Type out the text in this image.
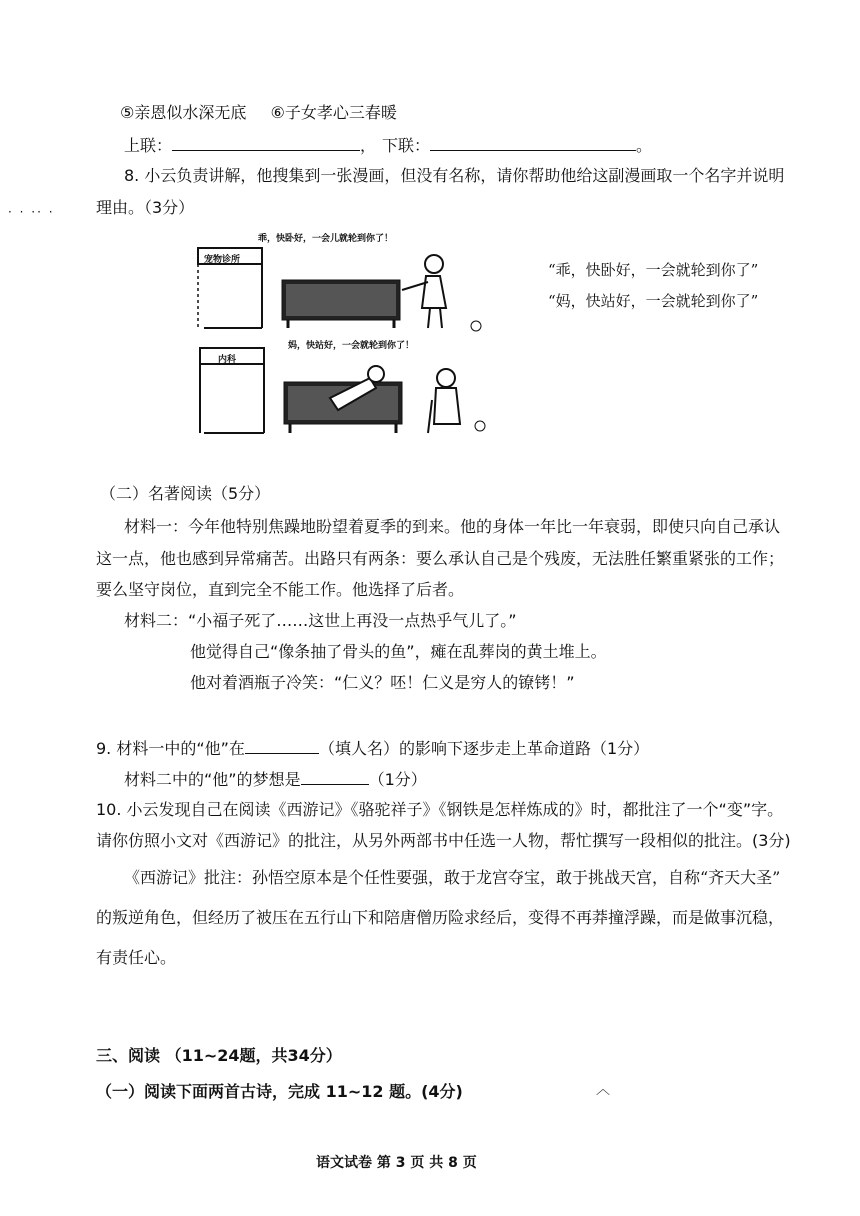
⑤亲恩似水深无底 ⑥子女孝心三春暖
上联：	， 下联：	。
8. 小云负责讲解，他搜集到一张漫画，但没有名称，请你帮助他给这副漫画取一个名字并说明
· · ·· ·	理由。（3分）
乖，快卧好，一会儿就轮到你了！
宠物诊所
妈，快站好，一会就轮到你了！
内科
“乖，快卧好，一会就轮到你了”
“妈，快站好，一会就轮到你了”
（二）名著阅读（5分）
材料一：今年他特别焦躁地盼望着夏季的到来。他的身体一年比一年衰弱，即使只向自己承认
这一点，他也感到异常痛苦。出路只有两条：要么承认自己是个残废，无法胜任繁重紧张的工作；
要么坚守岗位，直到完全不能工作。他选择了后者。
材料二：“小福子死了……这世上再没一点热乎气儿了。”
他觉得自己“像条抽了骨头的鱼”，瘫在乱葬岗的黄土堆上。
他对着酒瓶子冷笑：“仁义？呸！仁义是穷人的镣铐！”
9. 材料一中的“他”在	（填人名）的影响下逐步走上革命道路（1分）
材料二中的“他”的梦想是	（1分）
10. 小云发现自己在阅读《西游记》《骆驼祥子》《钢铁是怎样炼成的》时，都批注了一个“变”字。
请你仿照小文对《西游记》的批注，从另外两部书中任选一人物，帮忙撰写一段相似的批注。(3分)
《西游记》批注：孙悟空原本是个任性要强，敢于龙宫夺宝，敢于挑战天宫，自称“齐天大圣”
的叛逆角色，但经历了被压在五行山下和陪唐僧历险求经后，变得不再莽撞浮躁，而是做事沉稳，
有责任心。
三、阅读 （11~24题，共34分）
（一）阅读下面两首古诗，完成 11~12 题。(4分)	︿
语文试卷 第 3 页 共 8 页
